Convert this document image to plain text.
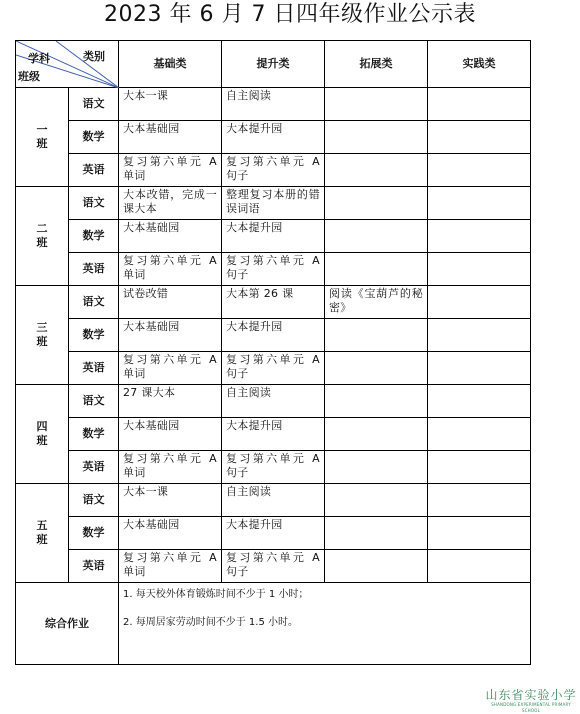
2023 年 6 月 7 日四年级作业公示表
学科 类别
班级		基础类	提升类	拓展类	实践类
一
班	语文	大本一课	自主阅读		
	数学	大本基础园	大本提升园		
	英语	复习第六单元 A 单词	复习第六单元 A 句子		
二
班	语文	大本改错，完成一课大本	整理复习本册的错误词语		
	数学	大本基础园	大本提升园		
	英语	复习第六单元 A 单词	复习第六单元 A 句子		
三
班	语文	试卷改错	大本第 26 课	阅读《宝葫芦的秘密》	
	数学	大本基础园	大本提升园		
	英语	复习第六单元 A 单词	复习第六单元 A 句子		
四
班	语文	27 课大本	自主阅读		
	数学	大本基础园	大本提升园		
	英语	复习第六单元 A 单词	复习第六单元 A 句子		
五
班	语文	大本一课	自主阅读		
	数学	大本基础园	大本提升园		
	英语	复习第六单元 A 单词	复习第六单元 A 句子		
综合作业		1. 每天校外体育锻炼时间不少于 1 小时；

2. 每周居家劳动时间不少于 1.5 小时。			

山东省实验小学
SHANDONG EXPERIMENTAL PRIMARY SCHOOL
